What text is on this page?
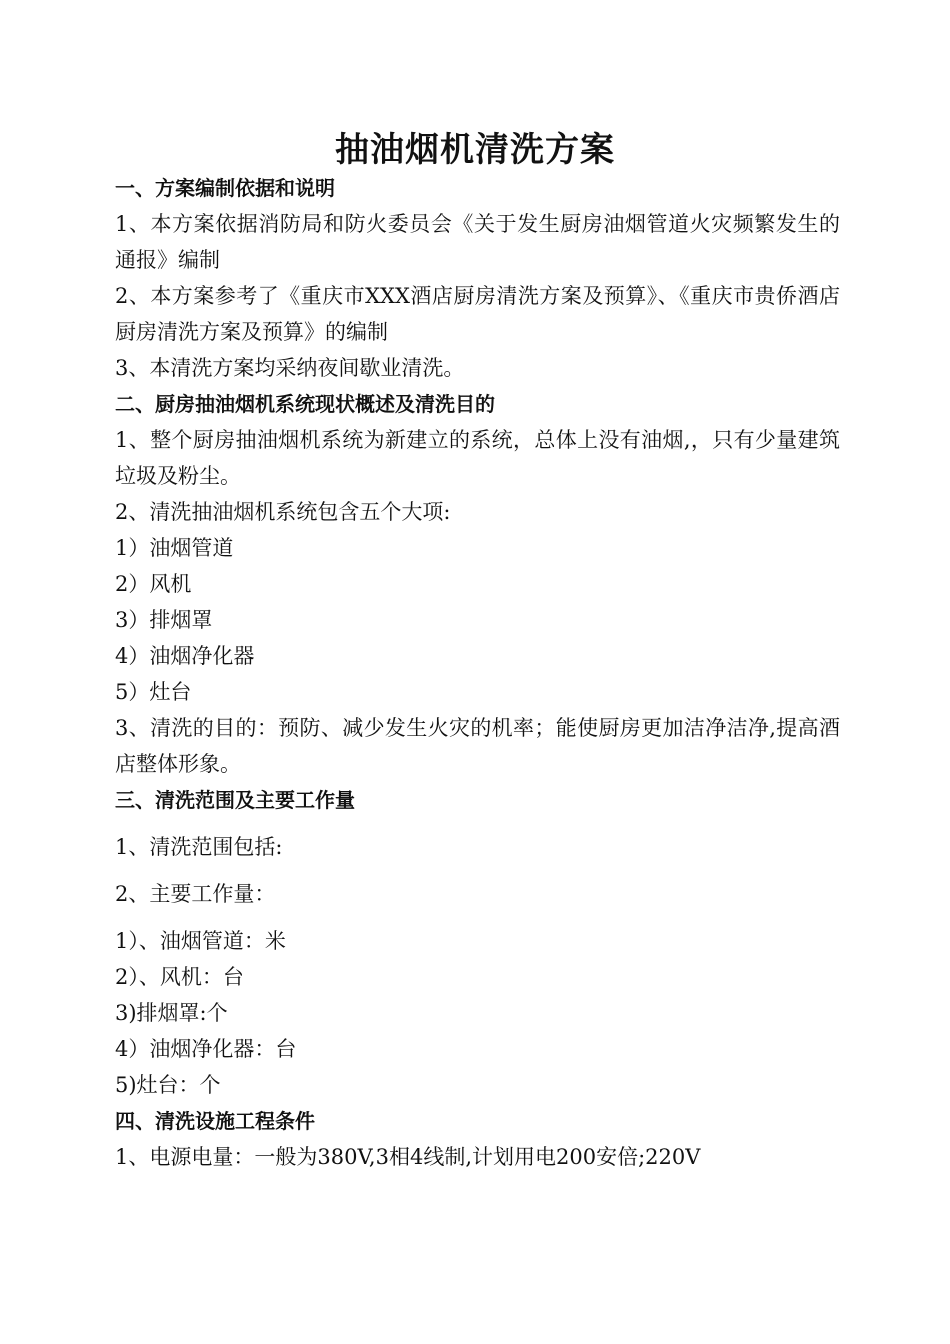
抽油烟机清洗方案

一、方案编制依据和说明

1、本方案依据消防局和防火委员会《关于发生厨房油烟管道火灾频繁发生的通报》编制

2、本方案参考了《重庆市XXX酒店厨房清洗方案及预算》、《重庆市贵侨酒店厨房清洗方案及预算》的编制

3、本清洗方案均采纳夜间歇业清洗。

二、厨房抽油烟机系统现状概述及清洗目的

1、整个厨房抽油烟机系统为新建立的系统，总体上没有油烟,，只有少量建筑垃圾及粉尘。

2、清洗抽油烟机系统包含五个大项:

1）油烟管道

2）风机

3）排烟罩

4）油烟净化器

5）灶台

3、清洗的目的：预防、减少发生火灾的机率；能使厨房更加洁净洁净,提高酒店整体形象。

三、清洗范围及主要工作量

1、清洗范围包括:

2、主要工作量：

1）、油烟管道：米

2）、风机：台

3)排烟罩:个

4）油烟净化器：台

5)灶台：个

四、清洗设施工程条件

1、电源电量：一般为380V,3相4线制,计划用电200安倍;220V
